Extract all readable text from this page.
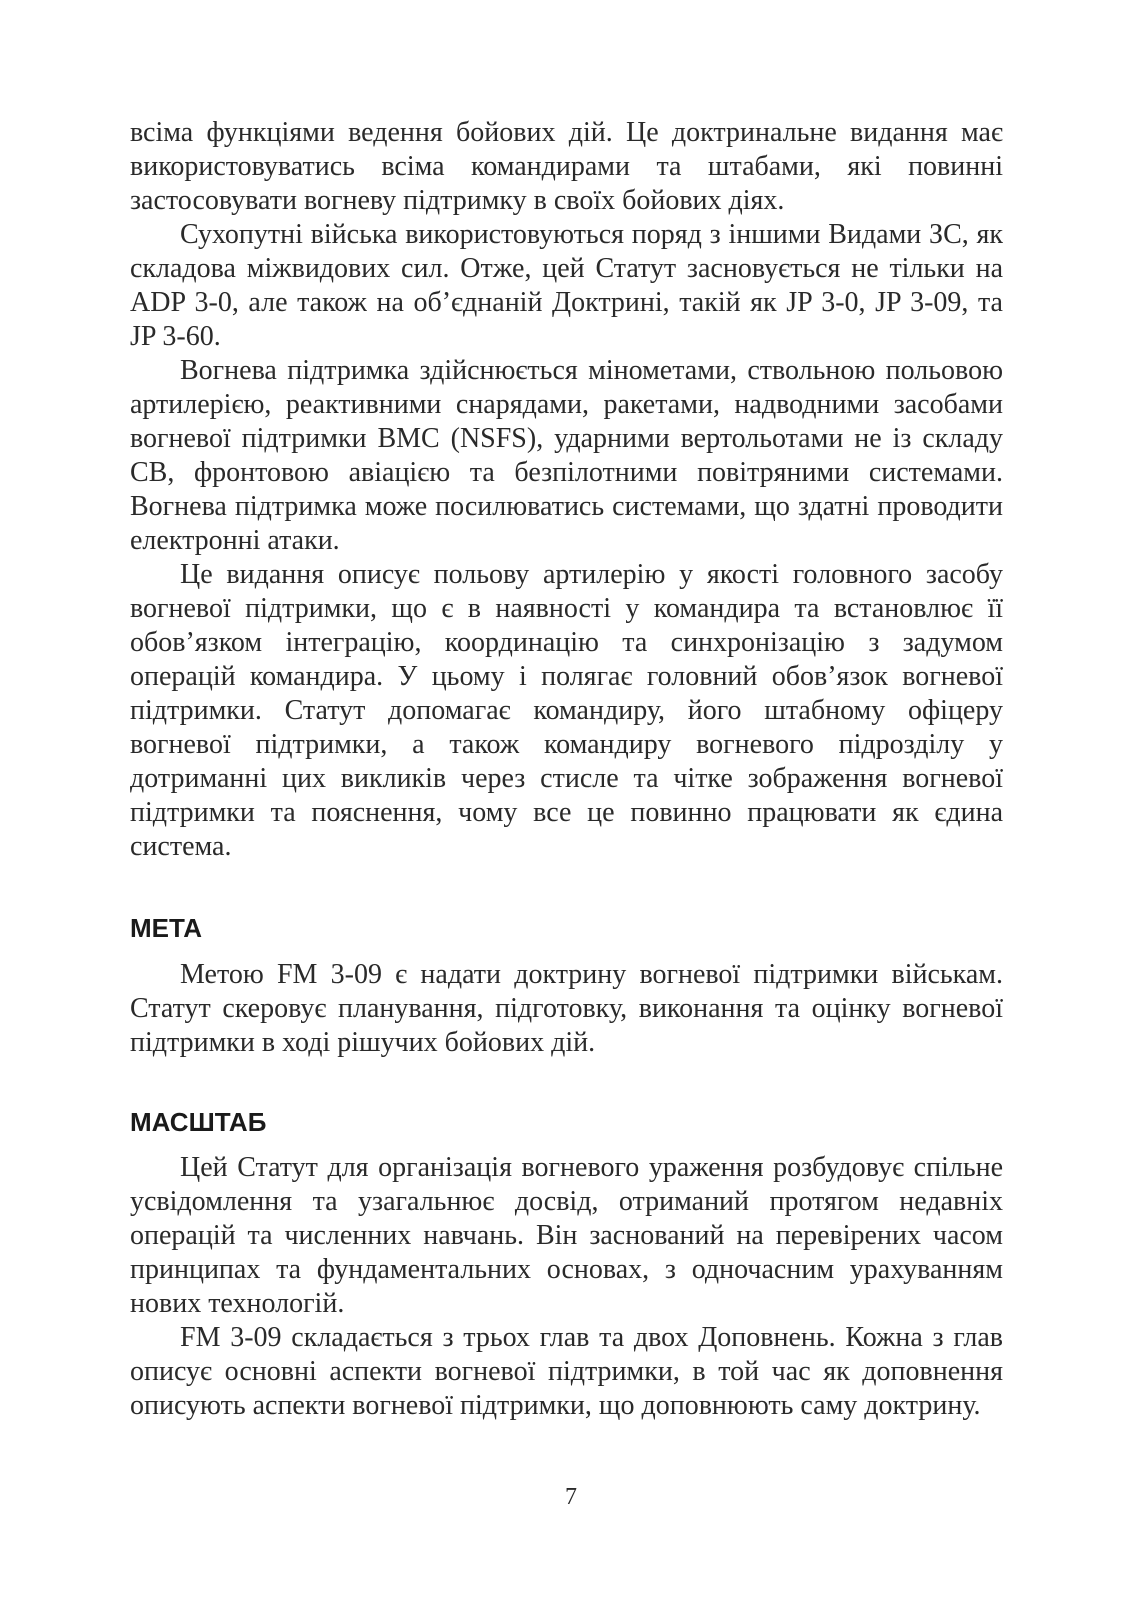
всіма функціями ведення бойових дій. Це доктринальне видання має використовуватись всіма командирами та штабами, які повинні застосовувати вогневу підтримку в своїх бойових діях.

Сухопутні війська використовуються поряд з іншими Видами ЗС, як складова міжвидових сил. Отже, цей Статут засновується не тільки на ADP 3-0, але також на об’єднаній Доктрині, такій як JP 3-0, JP 3-09, та JP 3-60.

Вогнева підтримка здійснюється мінометами, ствольною польовою артилерією, реактивними снарядами, ракетами, надводними засобами вогневої підтримки ВМС (NSFS), ударними вертольотами не із складу СВ, фронтовою авіацією та безпілотними повітряними системами. Вогнева підтримка може посилюватись системами, що здатні проводити електронні атаки.

Це видання описує польову артилерію у якості головного засобу вогневої підтримки, що є в наявності у командира та встановлює її обов’язком інтеграцію, координацію та синхронізацію з задумом операцій командира. У цьому і полягає головний обов’язок вогневої підтримки. Статут допомагає командиру, його штабному офіцеру вогневої підтримки, а також командиру вогневого підрозділу у дотриманні цих викликів через стисле та чітке зображення вогневої підтримки та пояснення, чому все це повинно працювати як єдина система.

МЕТА

Метою FM 3-09 є надати доктрину вогневої підтримки військам. Статут скеровує планування, підготовку, виконання та оцінку вогневої підтримки в ході рішучих бойових дій.

МАСШТАБ

Цей Статут для організація вогневого ураження розбудовує спільне усвідомлення та узагальнює досвід, отриманий протягом недавніх операцій та численних навчань. Він заснований на перевірених часом принципах та фундаментальних основах, з одночасним урахуванням нових технологій.

FM 3-09 складається з трьох глав та двох Доповнень. Кожна з глав описує основні аспекти вогневої підтримки, в той час як доповнення описують аспекти вогневої підтримки, що доповнюють саму доктрину.

7
